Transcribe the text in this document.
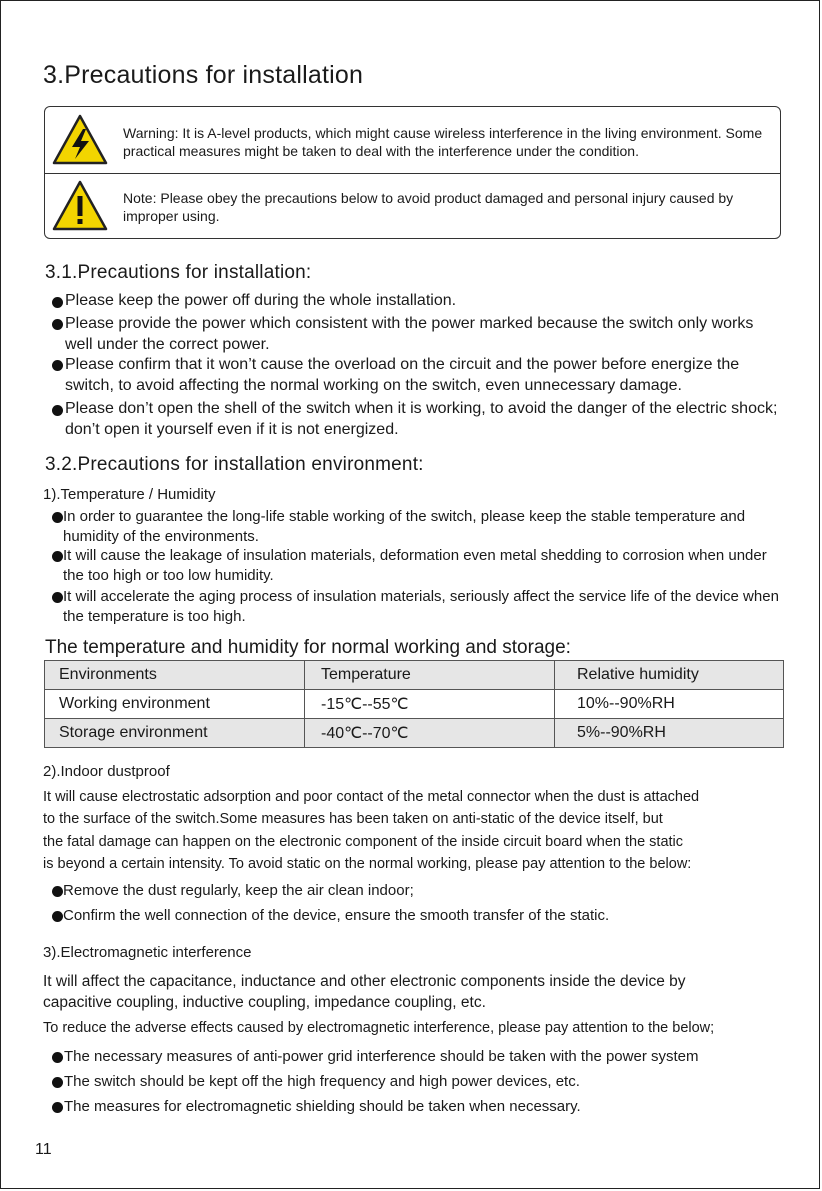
3.Precautions for installation
Warning: It is A-level products, which might cause wireless interference in the living environment. Some practical measures might be taken to deal with the interference under the condition.
Note: Please obey the precautions below to avoid product damaged and personal injury caused by improper using.
3.1.Precautions for installation:
Please keep the power off during the whole installation.
Please provide the power which consistent with the power marked because the switch only works well under the correct power.
Please confirm that it won’t cause the overload on the circuit and the power before energize the switch, to avoid affecting the normal working on the switch, even unnecessary damage.
Please don’t open the shell of the switch when it is working, to avoid the danger of the electric shock; don’t open it yourself even if it is not energized.
3.2.Precautions for installation environment:
1).Temperature / Humidity
In order to guarantee the long-life stable working of the switch, please keep the stable temperature and humidity of the environments.
It will cause the leakage of insulation materials, deformation even metal shedding to corrosion when under the too high or too low humidity.
It will accelerate the aging process of insulation materials, seriously affect the service life of the device when the temperature is too high.
The temperature and humidity for normal working and storage:
Environments	Temperature	Relative humidity
Working environment	-15℃--55℃	10%--90%RH
Storage environment	-40℃--70℃	5%--90%RH
2).Indoor dustproof
It will cause electrostatic adsorption and poor contact of the metal connector when the dust is attached
to the surface of the switch.Some measures has been taken on anti-static of the device itself, but
the fatal damage can happen on the electronic component of the inside circuit board when the static
is beyond a certain intensity. To avoid static on the normal working, please pay attention to the below:
Remove the dust regularly, keep the air clean indoor;
Confirm the well connection of the device, ensure the smooth transfer of the static.
3).Electromagnetic interference
It will affect the capacitance, inductance and other electronic components inside the device by
capacitive coupling, inductive coupling, impedance coupling, etc.
To reduce the adverse effects caused by electromagnetic interference, please pay attention to the below;
The necessary measures of anti-power grid interference should be taken with the power system
The switch should be kept off the high frequency and high power devices, etc.
The measures for electromagnetic shielding should be taken when necessary.
11
